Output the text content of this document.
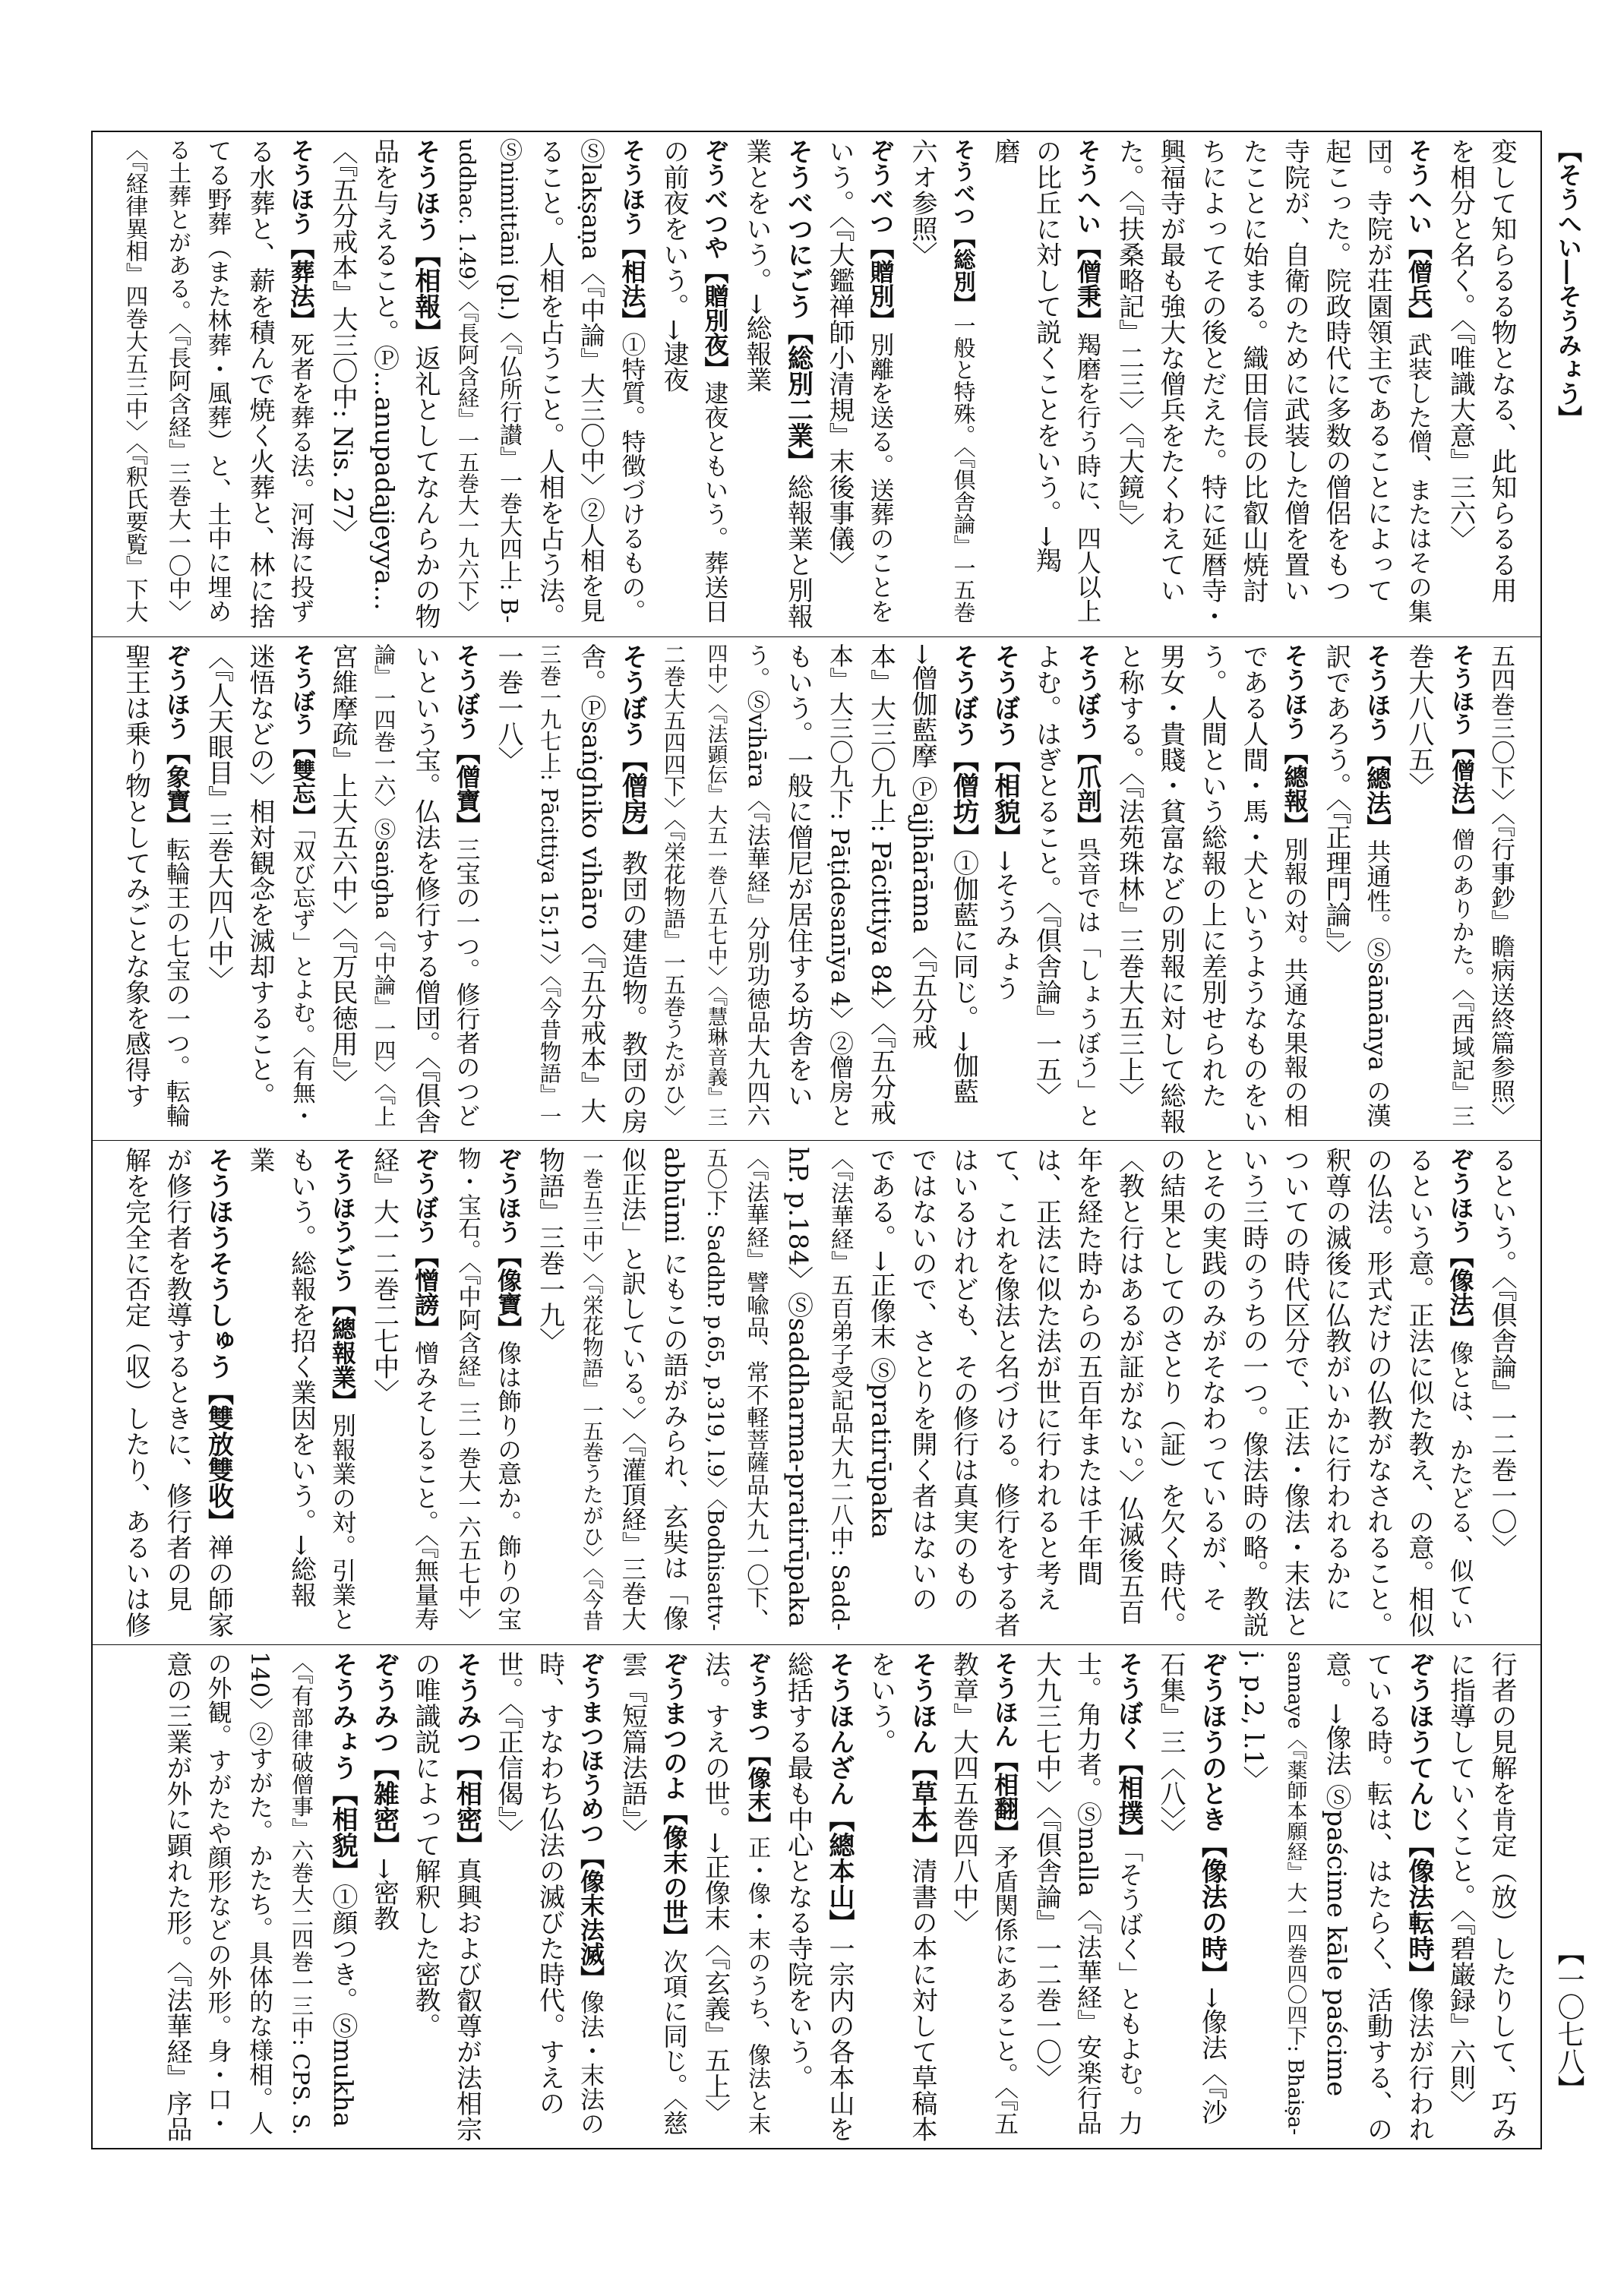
【そうへい―そうみょう】
【一〇七八】
変して知らるる物となる、此知らるる用
を相分と名く。〈『唯識大意』三六〉
そうへい【僧兵】武装した僧、またはその集
団。寺院が荘園領主であることによって
起こった。院政時代に多数の僧侶をもつ
寺院が、自衛のために武装した僧を置い
たことに始まる。織田信長の比叡山焼討
ちによってその後とだえた。特に延暦寺・
興福寺が最も強大な僧兵をたくわえてい
た。〈『扶桑略記』二三〉〈『大鏡』〉
そうへい【僧秉】羯磨を行う時に、四人以上
の比丘に対して説くことをいう。→羯
磨
そうべつ【総別】一般と特殊。〈『倶舎論』一五巻
六オ参照〉
ぞうべつ【贈別】別離を送る。送葬のことを
いう。〈『大鑑禅師小清規』末後事儀〉
そうべつにごう【総別二業】総報業と別報
業とをいう。→総報業
ぞうべつや【贈別夜】逮夜ともいう。葬送日
の前夜をいう。→逮夜
そうほう【相法】①特質。特徴づけるもの。
Ⓢlakṣaṇa〈『中論』大三〇中〉②人相を見
ること。人相を占うこと。人相を占う法。
Ⓢnimittāni (pl.)〈『仏所行讃』一巻大四上: B-
uddhac. 1.49〉〈『長阿含経』一五巻大一九六下〉
そうほう【相報】返礼としてなんらかの物
品を与えること。Ⓟ…anupadajjeyya…
〈『五分戒本』大三〇中: Nis. 27〉
そうほう【葬法】死者を葬る法。河海に投ず
る水葬と、薪を積んで焼く火葬と、林に捨
てる野葬（また林葬・風葬）と、土中に埋め
る土葬とがある。〈『長阿含経』三巻大一〇中〉
〈『経律異相』四巻大五三中〉〈『釈氏要覧』下大
五四巻三〇下〉〈『行事鈔』瞻病送終篇参照〉
そうほう【僧法】僧のありかた。〈『西域記』三
巻大八八五〉
そうほう【總法】共通性。Ⓢsāmānya の漢
訳であろう。〈『正理門論』〉
そうほう【總報】別報の対。共通な果報の相
である人間・馬・犬というようなものをい
う。人間という総報の上に差別せられた
男女・貴賤・貧富などの別報に対して総報
と称する。〈『法苑珠林』三巻大五三上〉
そうぼう【爪剖】呉音では「しょうぼう」と
よむ。はぎとること。〈『倶舎論』一五〉
そうぼう【相貌】→そうみょう
そうぼう【僧坊】①伽藍に同じ。→伽藍
→僧伽藍摩 Ⓟajjhārāma〈『五分戒
本』大三〇九上: Pācittiya 84〉〈『五分戒
本』大三〇九下: Pāṭidesanīya 4〉②僧房と
もいう。一般に僧尼が居住する坊舎をい
う。Ⓢvihāra〈『法華経』分別功徳品大九四六
四中〉〈『法顕伝』大五一巻八五七中〉〈『慧琳音義』三
二巻大五四四下〉〈『栄花物語』一五巻うたがひ〉
そうぼう【僧房】教団の建造物。教団の房
舎。Ⓟsaṅghiko vihāro〈『五分戒本』大
三巻一九七上: Pācittiya 15;17〉〈『今昔物語』一
一巻一八〉
そうぼう【僧寶】三宝の一つ。修行者のつど
いという宝。仏法を修行する僧団。〈『倶舎
論』一四巻一六〉Ⓢsaṅgha〈『中論』一四〉〈『上
宮維摩疏』上大五六中〉〈『万民徳用』〉
そうぼう【雙忘】「双び忘ず」とよむ。〈有無・
迷悟などの〉相対観念を滅却すること。
〈『人天眼目』三巻大四八中〉
ぞうほう【象寶】転輪王の七宝の一つ。転輪
聖王は乗り物としてみごとな象を感得す
るという。〈『倶舎論』一二巻一〇〉
ぞうほう【像法】像とは、かたどる、似てい
るという意。正法に似た教え、の意。相似
の仏法。形式だけの仏教がなされること。
釈尊の滅後に仏教がいかに行われるかに
ついての時代区分で、正法・像法・末法と
いう三時のうちの一つ。像法時の略。教説
とその実践のみがそなわっているが、そ
の結果としてのさとり（証）を欠く時代。
〈教と行はあるが証がない。〉仏滅後五百
年を経た時からの五百年または千年間
は、正法に似た法が世に行われると考え
て、これを像法と名づける。修行をする者
はいるけれども、その修行は真実のもの
ではないので、さとりを開く者はないの
である。→正像末 Ⓢpratirūpaka
〈『法華経』五百弟子受記品大九二八中: Sadd-
hP. p.184〉Ⓢsaddharma-pratirūpaka
〈『法華経』譬喩品、常不軽菩薩品大九一〇下、
五〇下: SaddhP. p.65, p.319, l.9〉〈Bodhisattv-
abhūmi にもこの語がみられ、玄奘は「像
似正法」と訳している。〉〈『灌頂経』三巻大
一巻五三中〉〈『栄花物語』一五巻うたがひ〉〈『今昔
物語』三巻一九〉
ぞうほう【像寶】像は飾りの意か。飾りの宝
物・宝石。〈『中阿含経』三一巻大一六五七中〉
ぞうぼう【憎謗】憎みそしること。〈『無量寿
経』大一二巻二七中〉
そうほうごう【總報業】別報業の対。引業と
もいう。総報を招く業因をいう。→総報
業
そうほうそうしゅう【雙放雙收】禅の師家
が修行者を教導するときに、修行者の見
解を完全に否定（収）したり、あるいは修
行者の見解を肯定（放）したりして、巧み
に指導していくこと。〈『碧巌録』六則〉
ぞうほうてんじ【像法転時】像法が行われ
ている時。転は、はたらく、活動する、の
意。→像法 Ⓢpaścime kāle paścime
samaye〈『薬師本願経』大一四巻四〇四下: Bhaiṣa-
j. p.2, l.1〉
ぞうほうのとき【像法の時】→像法〈『沙
石集』三〈八〉〉
そうぼく【相撲】「そうばく」ともよむ。力
士。角力者。Ⓢmalla〈『法華経』安楽行品
大九三七中〉〈『倶舎論』一二巻一〇〉
そうほん【相翻】矛盾関係にあること。〈『五
教章』大四五巻四八中〉
そうほん【草本】清書の本に対して草稿本
をいう。
そうほんざん【總本山】一宗内の各本山を
総括する最も中心となる寺院をいう。
ぞうまつ【像末】正・像・末のうち、像法と末
法。すえの世。→正像末〈『玄義』五上〉
ぞうまつのよ【像末の世】次項に同じ。〈慈
雲『短篇法語』〉
ぞうまつほうめつ【像末法滅】像法・末法の
時、すなわち仏法の滅びた時代。すえの
世。〈『正信偈』〉
そうみつ【相密】真興および叡尊が法相宗
の唯識説によって解釈した密教。
ぞうみつ【雑密】→密教
そうみょう【相貌】①顔つき。Ⓢmukha
〈『有部律破僧事』六巻大二四巻一三中: CPS. S.
140〉②すがた。かたち。具体的な様相。人
の外観。すがたや顔形などの外形。身・口・
意の三業が外に顕れた形。〈『法華経』序品
